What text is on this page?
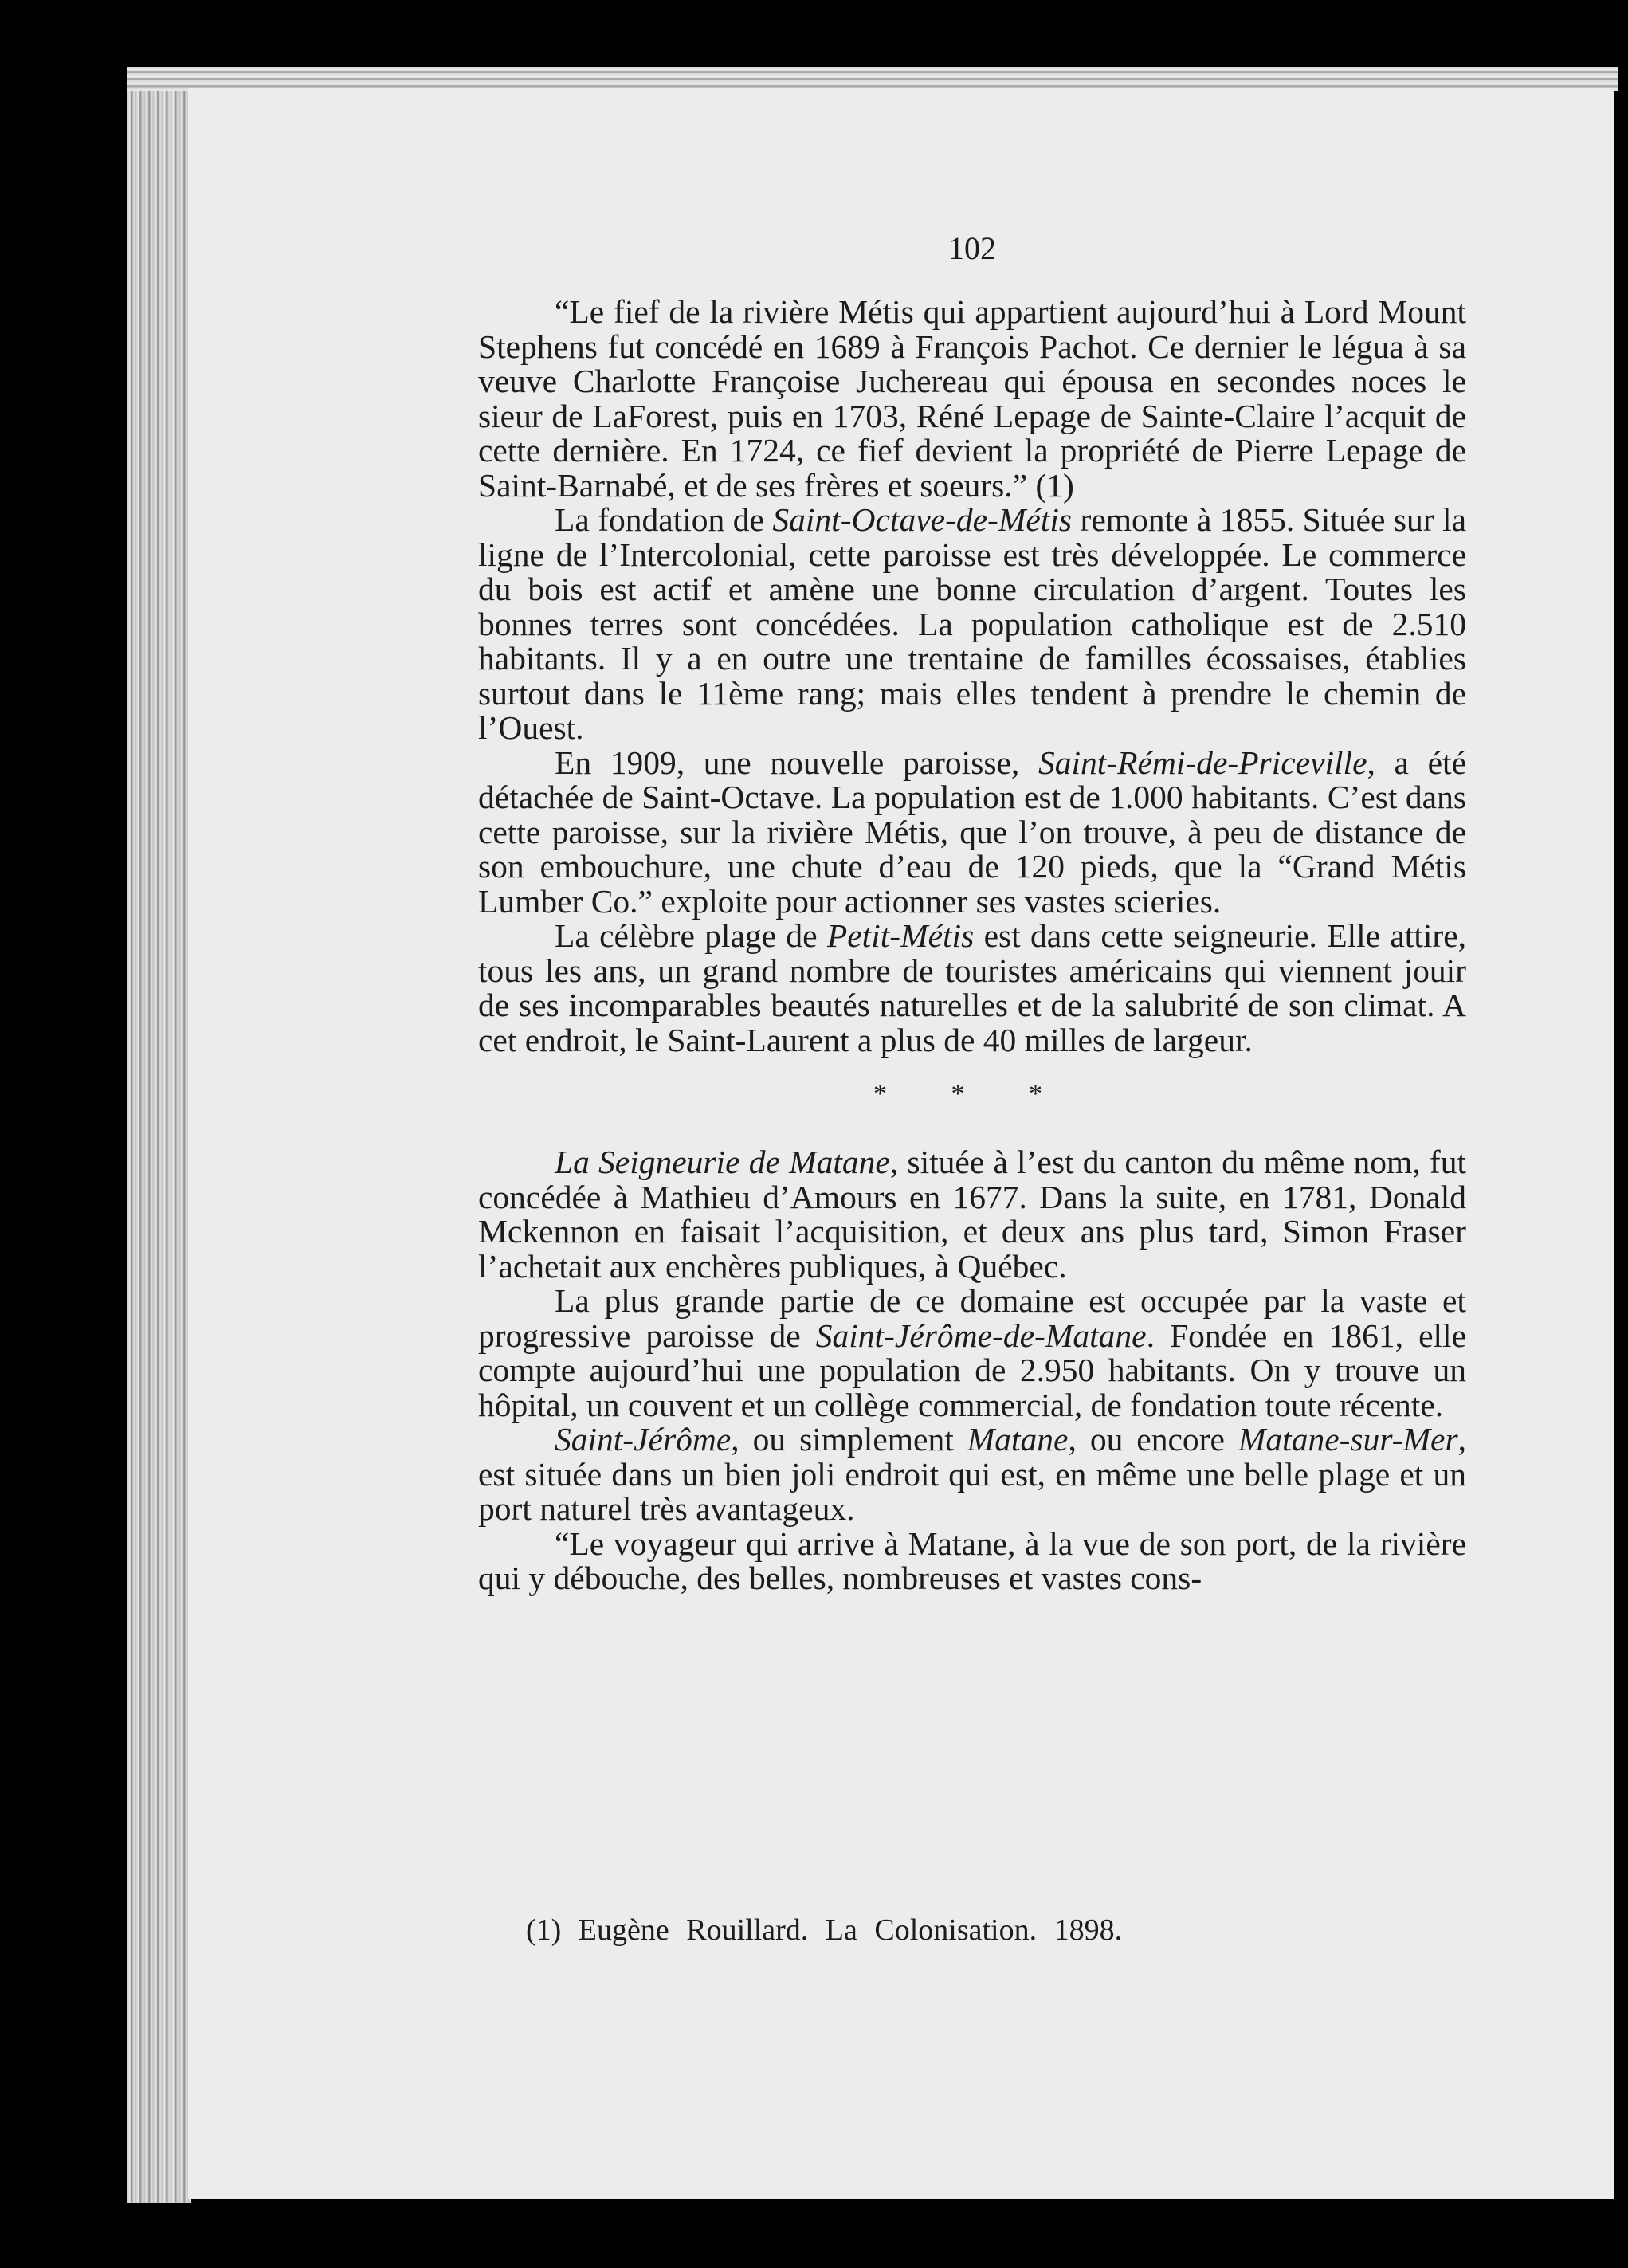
102

“Le fief de la rivière Métis qui appartient aujourd’hui à Lord Mount Stephens fut concédé en 1689 à François Pachot. Ce dernier le légua à sa veuve Charlotte Françoise Juchereau qui épousa en secondes noces le sieur de LaForest, puis en 1703, Réné Lepage de Sainte-Claire l’acquit de cette dernière. En 1724, ce fief devient la propriété de Pierre Lepage de Saint-Barnabé, et de ses frères et soeurs.” (1)

La fondation de Saint-Octave-de-Métis remonte à 1855. Située sur la ligne de l’Intercolonial, cette paroisse est très développée. Le commerce du bois est actif et amène une bonne circulation d’argent. Toutes les bonnes terres sont concédées. La population catholique est de 2.510 habitants. Il y a en outre une trentaine de familles écossaises, établies surtout dans le 11ème rang; mais elles tendent à prendre le chemin de l’Ouest.

En 1909, une nouvelle paroisse, Saint-Rémi-de-Priceville, a été détachée de Saint-Octave. La population est de 1.000 habitants. C’est dans cette paroisse, sur la rivière Métis, que l’on trouve, à peu de distance de son embouchure, une chute d’eau de 120 pieds, que la “Grand Métis Lumber Co.” exploite pour actionner ses vastes scieries.

La célèbre plage de Petit-Métis est dans cette seigneurie. Elle attire, tous les ans, un grand nombre de touristes américains qui viennent jouir de ses incomparables beautés naturelles et de la salubrité de son climat. A cet endroit, le Saint-Laurent a plus de 40 milles de largeur.

* * *

La Seigneurie de Matane, située à l’est du canton du même nom, fut concédée à Mathieu d’Amours en 1677. Dans la suite, en 1781, Donald Mckennon en faisait l’acquisition, et deux ans plus tard, Simon Fraser l’achetait aux enchères publiques, à Québec.

La plus grande partie de ce domaine est occupée par la vaste et progressive paroisse de Saint-Jérôme-de-Matane. Fondée en 1861, elle compte aujourd’hui une population de 2.950 habitants. On y trouve un hôpital, un couvent et un collège commercial, de fondation toute récente.

Saint-Jérôme, ou simplement Matane, ou encore Matane-sur-Mer, est située dans un bien joli endroit qui est, en même une belle plage et un port naturel très avantageux.

“Le voyageur qui arrive à Matane, à la vue de son port, de la rivière qui y débouche, des belles, nombreuses et vastes cons-

(1) Eugène Rouillard. La Colonisation. 1898.
